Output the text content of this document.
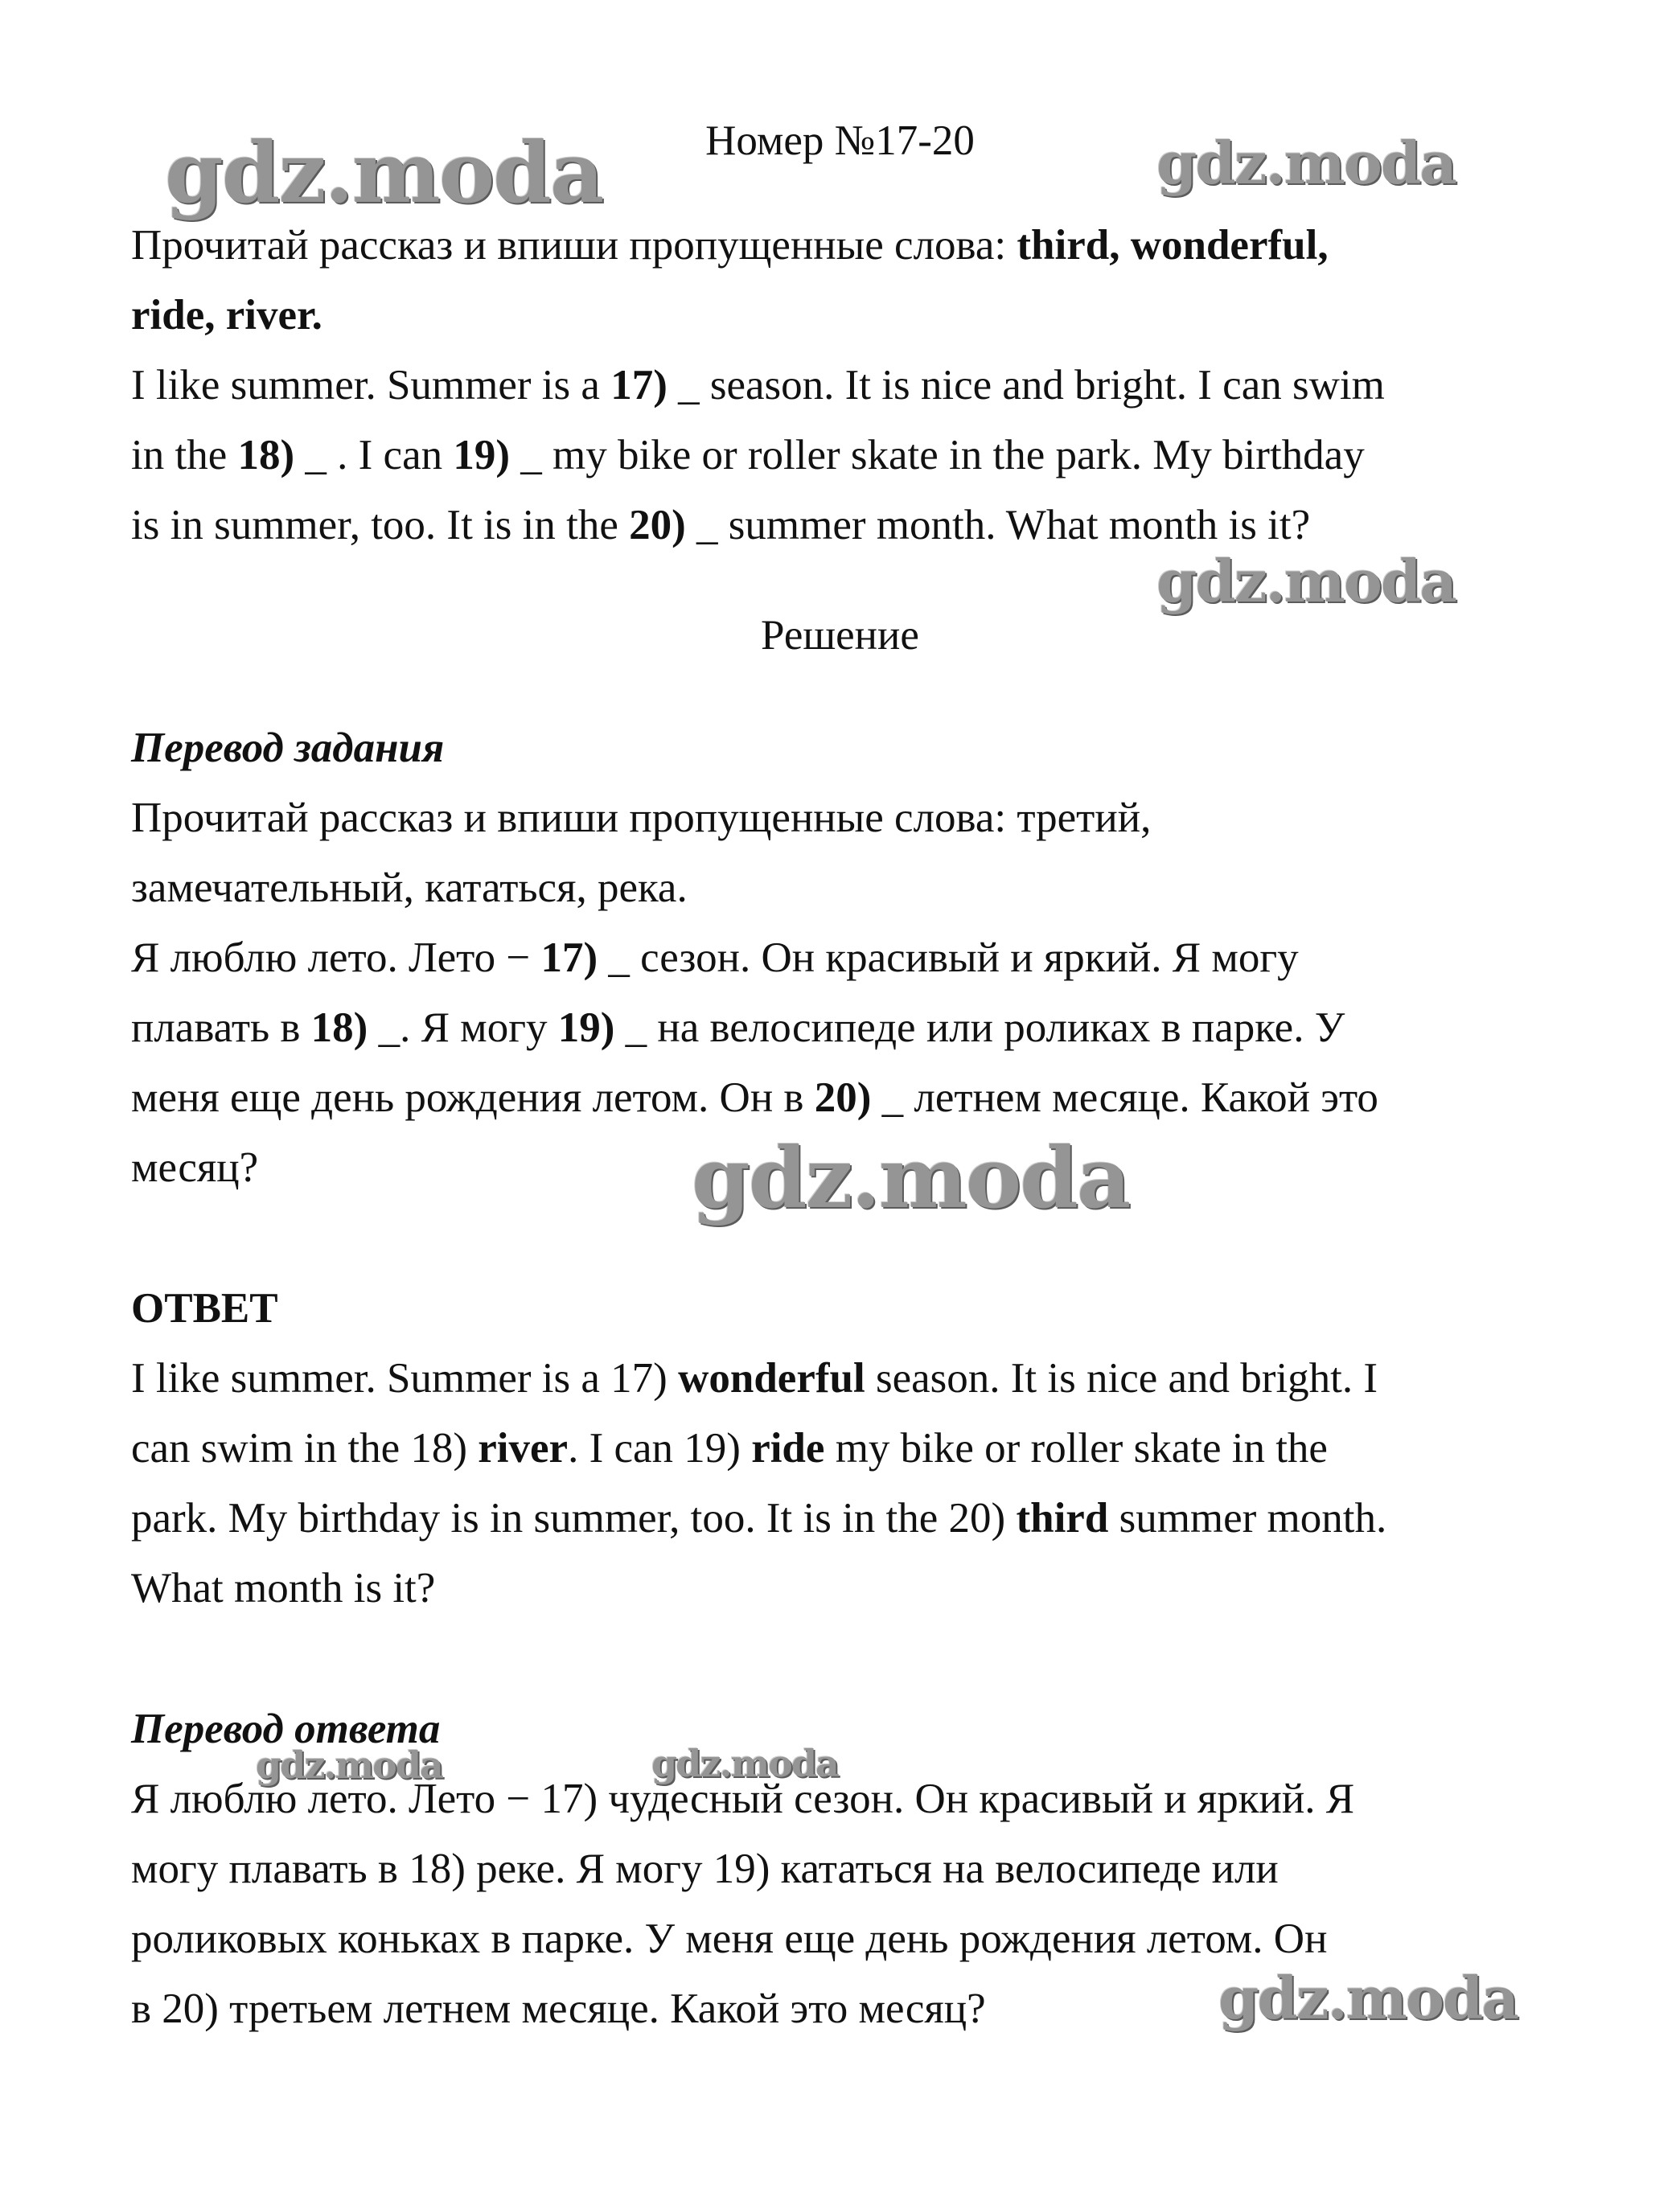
gdz.moda	gdz.moda
gdz.moda
gdz.moda
gdz.moda	gdz.moda
gdz.moda
Номер №17-20
Прочитай рассказ и впиши пропущенные слова: third, wonderful,
ride, river.
I like summer. Summer is a 17) _ season. It is nice and bright. I can swim
in the 18) _ . I can 19) _ my bike or roller skate in the park. My birthday
is in summer, too. It is in the 20) _ summer month. What month is it?
Решение
Перевод задания
Прочитай рассказ и впиши пропущенные слова: третий,
замечательный, кататься, река.
Я люблю лето. Лето − 17) _ сезон. Он красивый и яркий. Я могу
плавать в 18) _. Я могу 19) _ на велосипеде или роликах в парке. У
меня еще день рождения летом. Он в 20) _ летнем месяце. Какой это
месяц?
ОТВЕТ
I like summer. Summer is a 17) wonderful season. It is nice and bright. I
can swim in the 18) river. I can 19) ride my bike or roller skate in the
park. My birthday is in summer, too. It is in the 20) third summer month.
What month is it?
Перевод ответа
Я люблю лето. Лето − 17) чудесный сезон. Он красивый и яркий. Я
могу плавать в 18) реке. Я могу 19) кататься на велосипеде или
роликовых коньках в парке. У меня еще день рождения летом. Он
в 20) третьем летнем месяце. Какой это месяц?
